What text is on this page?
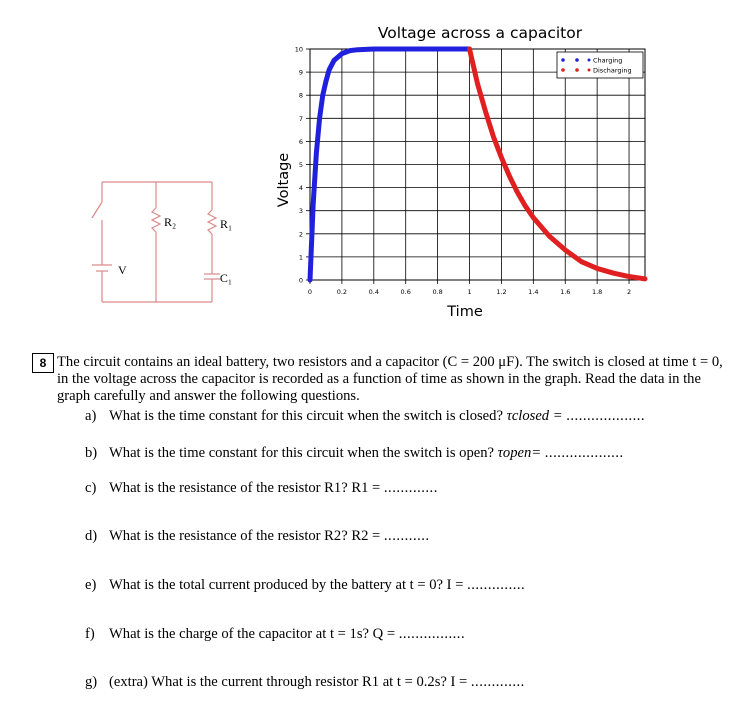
R₂	R₁
V
C₁
Voltage across a capacitor
0	0.2	0.4	0.6	0.8	1	1.2	1.4	1.6	1.8	2
0
1
2
3
4
5
6
7
8
9
10
Charging
Discharging
Time
Voltage
8 The circuit contains an ideal battery, two resistors and a capacitor (C = 200 μF). The switch is closed at time t = 0, in the voltage across the capacitor is recorded as a function of time as shown in the graph. Read the data in the graph carefully and answer the following questions.
a) What is the time constant for this circuit when the switch is closed? τclosed = ...................
b) What is the time constant for this circuit when the switch is open? τopen= ...................
c) What is the resistance of the resistor R1? R1 = .............
d) What is the resistance of the resistor R2? R2 = ...........
e) What is the total current produced by the battery at t = 0? I = ..............
f) What is the charge of the capacitor at t = 1s? Q = ................
g) (extra) What is the current through resistor R1 at t = 0.2s? I = .............
